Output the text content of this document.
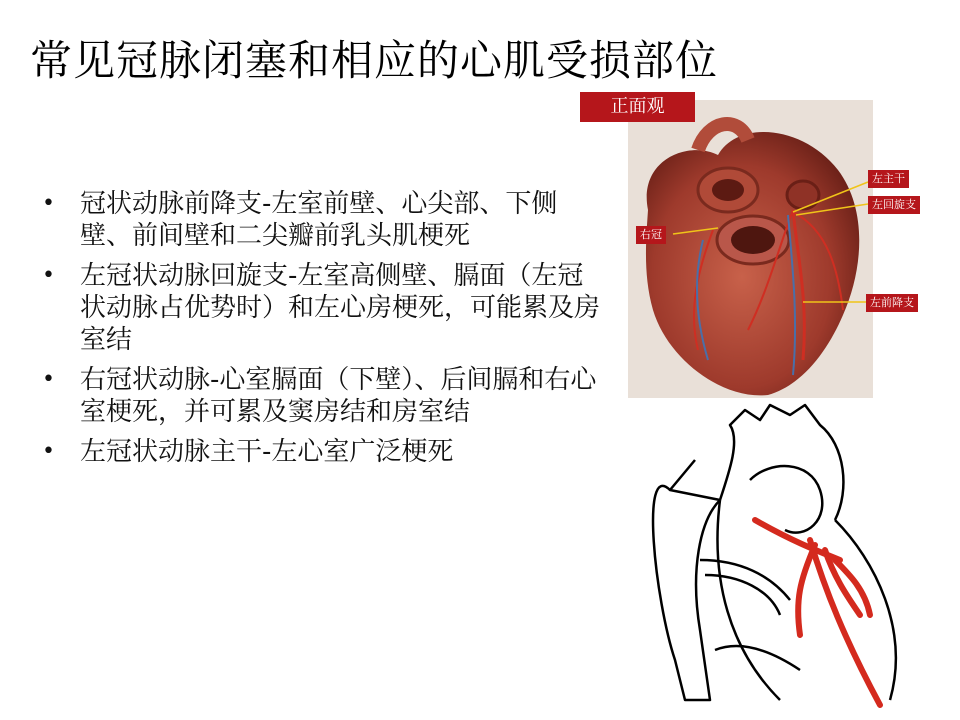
常见冠脉闭塞和相应的心肌受损部位
• 冠状动脉前降支-左室前壁、心尖部、下侧壁、前间壁和二尖瓣前乳头肌梗死
• 左冠状动脉回旋支-左室高侧壁、膈面（左冠状动脉占优势时）和左心房梗死，可能累及房室结
• 右冠状动脉-心室膈面（下壁）、后间膈和右心室梗死，并可累及窦房结和房室结
• 左冠状动脉主干-左心室广泛梗死
正面观
左主干
左回旋支
右冠
左前降支
